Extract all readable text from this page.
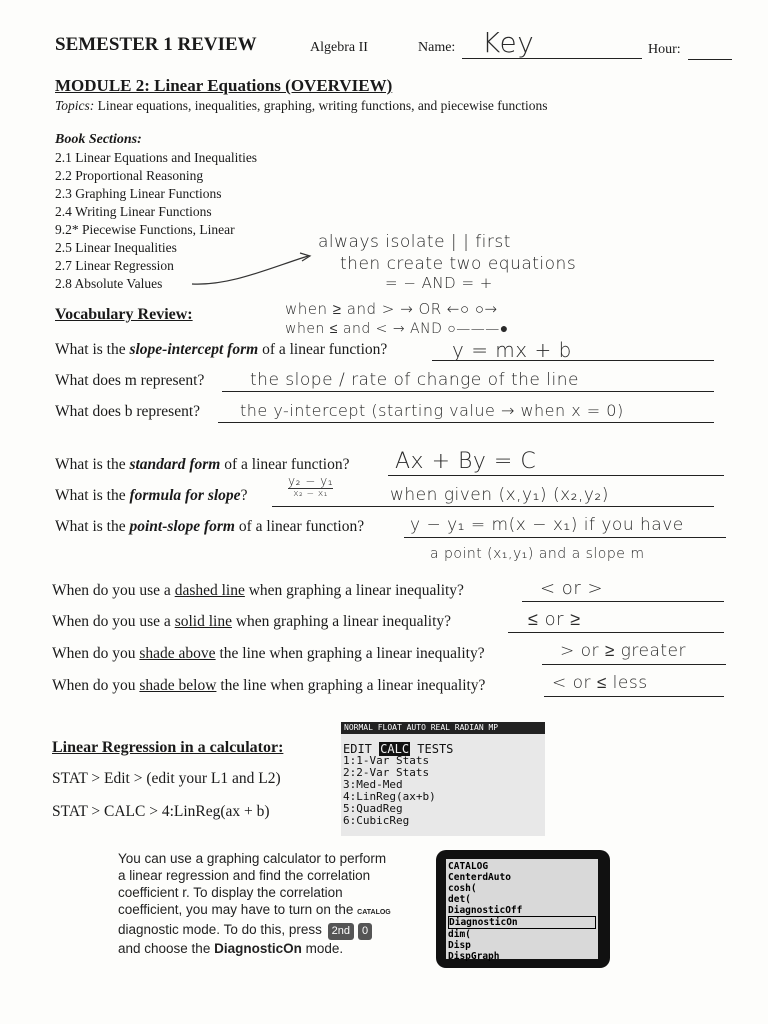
SEMESTER 1 REVIEW	Algebra II	Name: Key	Hour:
MODULE 2: Linear Equations (OVERVIEW)
Topics: Linear equations, inequalities, graphing, writing functions, and piecewise functions
Book Sections:
2.1 Linear Equations and Inequalities
2.2 Proportional Reasoning
2.3 Graphing Linear Functions
2.4 Writing Linear Functions
9.2* Piecewise Functions, Linear
2.5 Linear Inequalities
2.7 Linear Regression
2.8 Absolute Values
always isolate | | first
then create two equations
= − AND = +
Vocabulary Review:	when ≥ and > → OR ←○ ○→
when ≤ and < → AND ○———●
What is the slope-intercept form of a linear function?	y = mx + b
What does m represent?	the slope / rate of change of the line
What does b represent? the y-intercept (starting value → when x = 0)
What is the standard form of a linear function? Ax + By = C
What is the formula for slope?
y₂ − y₁
x₂ − x₁	when given (x,y₁) (x₂,y₂)
What is the point-slope form of a linear function?	y − y₁ = m(x − x₁) if you have
a point (x₁,y₁) and a slope m
When do you use a dashed line when graphing a linear inequality?	< or >
When do you use a solid line when graphing a linear inequality?	≤ or ≥
When do you shade above the line when graphing a linear inequality?	> or ≥ greater
When do you shade below the line when graphing a linear inequality?	< or ≤ less
Linear Regression in a calculator:
STAT > Edit > (edit your L1 and L2)
STAT > CALC > 4:LinReg(ax + b)
NORMAL FLOAT AUTO REAL RADIAN MP
EDIT CALC TESTS
1:1-Var Stats
2:2-Var Stats
3:Med-Med
4:LinReg(ax+b)
5:QuadReg
6:CubicReg
You can use a graphing calculator to perform
a linear regression and find the correlation
coefficient r. To display the correlation
coefficient, you may have to turn on the CATALOG
diagnostic mode. To do this, press 2nd 0
and choose the DiagnosticOn mode.
CATALOG
CenterdAuto
cosh(
det(
DiagnosticOff
DiagnosticOn
dim(
Disp
DispGraph
